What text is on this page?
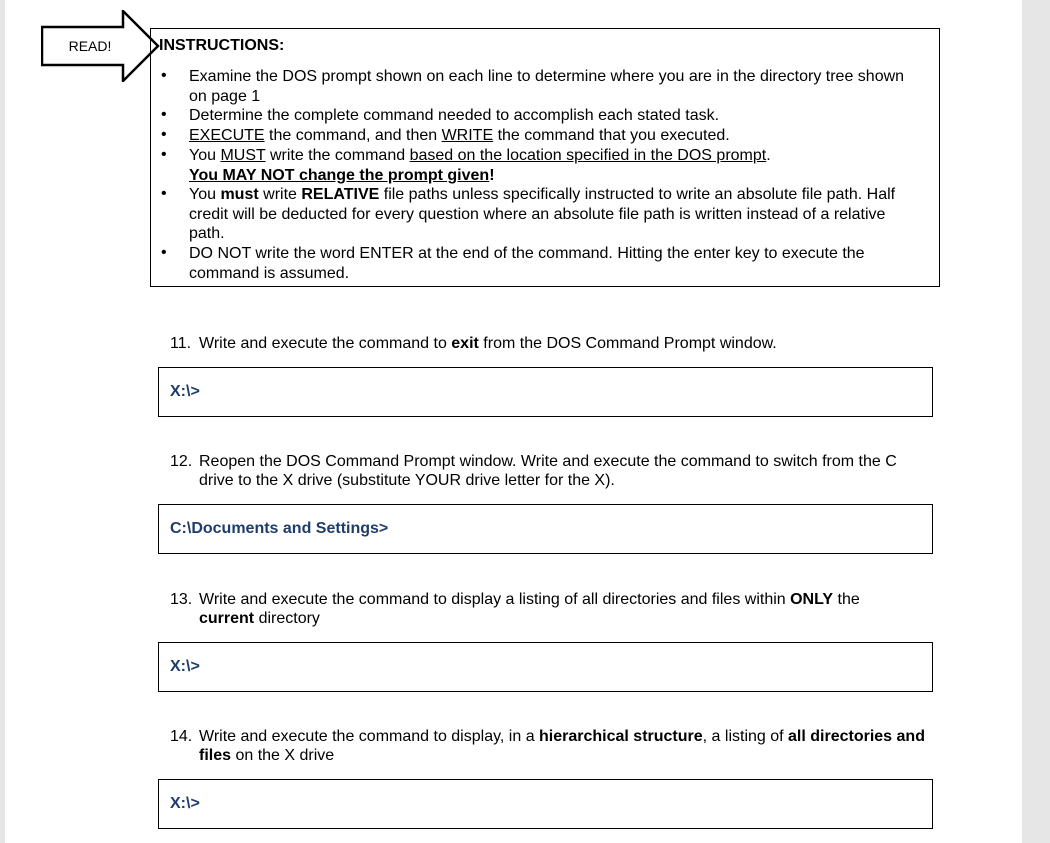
READ!	INSTRUCTIONS:
• Examine the DOS prompt shown on each line to determine where you are in the directory tree shown on page 1
• Determine the complete command needed to accomplish each stated task.
• EXECUTE the command, and then WRITE the command that you executed.
• You MUST write the command based on the location specified in the DOS prompt.
You MAY NOT change the prompt given!
• You must write RELATIVE file paths unless specifically instructed to write an absolute file path. Half credit will be deducted for every question where an absolute file path is written instead of a relative path.
• DO NOT write the word ENTER at the end of the command. Hitting the enter key to execute the command is assumed.
11. Write and execute the command to exit from the DOS Command Prompt window.
X:\>
12. Reopen the DOS Command Prompt window. Write and execute the command to switch from the C drive to the X drive (substitute YOUR drive letter for the X).
C:\Documents and Settings>
13. Write and execute the command to display a listing of all directories and files within ONLY the
current directory
X:\>
14. Write and execute the command to display, in a hierarchical structure, a listing of all directories and files on the X drive
X:\>
